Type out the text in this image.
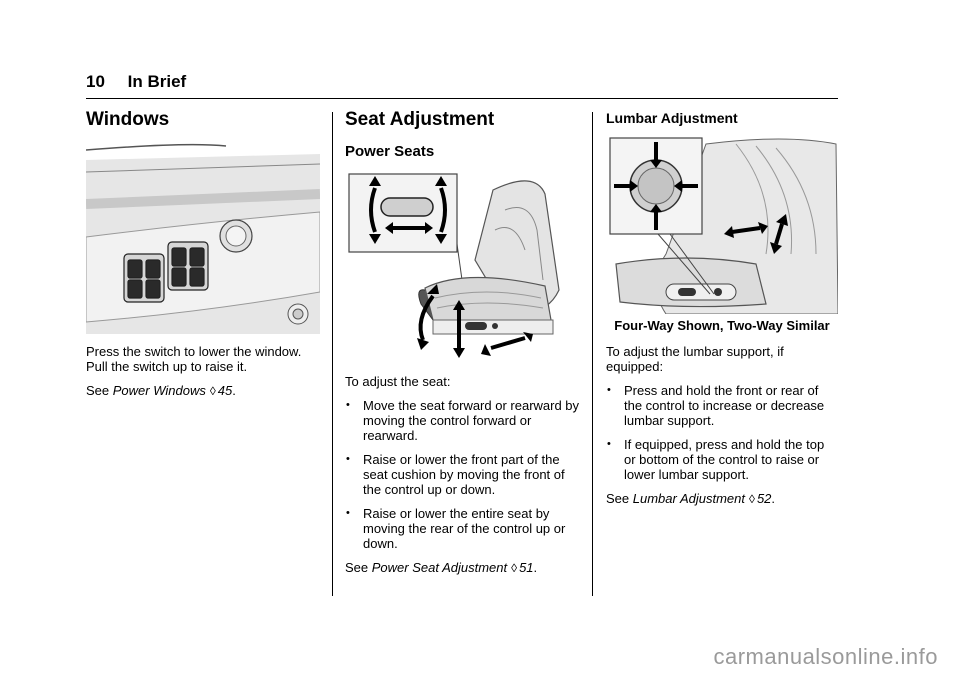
10 In Brief
Windows

Press the switch to lower the window. Pull the switch up to raise it.

See Power Windows ◊ 45.

Seat Adjustment
Power Seats

To adjust the seat:

• Move the seat forward or rearward by moving the control forward or rearward.
• Raise or lower the front part of the seat cushion by moving the front of the control up or down.
• Raise or lower the entire seat by moving the rear of the control up or down.

See Power Seat Adjustment ◊ 51.

Lumbar Adjustment
Four-Way Shown, Two-Way Similar

To adjust the lumbar support, if equipped:

• Press and hold the front or rear of the control to increase or decrease lumbar support.
• If equipped, press and hold the top or bottom of the control to raise or lower lumbar support.

See Lumbar Adjustment ◊ 52.

carmanualsonline.info
